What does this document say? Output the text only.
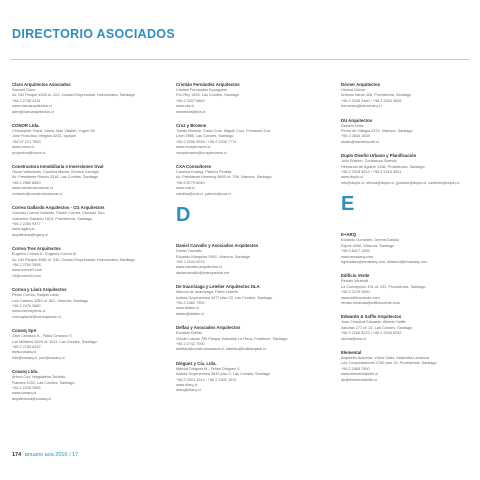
DIRECTORIO ASOCIADOS
Claro Arquitectos Asociados
Samuel Claro
Av. Del Parque 4928 of. 221, Ciudad Empresarial, Huechuraba, Santiago
+56 2 2738 4116
www.claroarquitectos.cl
adm@claroarquitectos.cl
CONOR Ltda.
Christopher Frank, María José Villalón, Yogne Sir
José Francisco Vergara 3232, Iquique
+56 57 221 7553
www.conor.cl
proyectos@conor.cl
Constructora Inmobiliaria e Inversiones Oval
Óscar Valladares, Carolina Macier, Mónica Carvajal
Av. Presidente Riesco 3318, Las Condes, Santiago
+56 2 2580 8660
www.constructoraoval.cl
contacto@constructoraoval.cl
Correa Gallardo Arquitectos - CG Arquitectos
Gonzalo Correa Gallardo, Pastor Correa, Gonzalo Toro
Galvarino Gallardo 1614, Providencia, Santiago
+56 2 2264 9377
www.cgarq.cl
arquitectos@cgarq.cl
Correa Tres Arquitectos
Eugenio Correa A., Eugenio Correa M.
Av. Del Parque 4980 of. 330, Ciudad Empresarial, Huechuraba, Santiago
+56 2 2760 2558
www.correa3.com
c3@correa3.com
Correa y Lániz Arquitectos
Pedro Correa, Raquel Lániz
Luis Carrera 1263 of. 301, Vitacura, Santiago
+56 2 2476 3880
www.correayleniz.cl
correaylaniz@correayleniz.cl
Cosarq SpA
José Cevasco K., Pablo Cevasco S.
Los Militares 5620 of. 1011, Las Condes, Santiago
+56 2 2763 6222
www.cosarq.cl
info@cosarq.cl, pce@cosarq.cl
Cosarq Ltda.
Arturo Cox, Magdalena Zañartu
Flandes 1001, Las Condes, Santiago
+56 2 2208 3565
www.cosarq.cl
arquitectura@cosarq.cl
Cristián Fernández Arquitectos
Cristián Fernández Eyzaguirre
Fco Rey 1426, Las Condes, Santiago
+56 2 2207 6862
www.cfa.cl
secretaria@cfa.cl
Cruz y Browne
Tomás Browne, Fabio Cruz, Miguel Cruz, Fernando Cox
León 3985, Las Condes, Santiago
+56 2 2206 3926 / +56 2 2206 7774
www.cruzybrowne.cl
cruzybrowne@cruzybrowne.cl
CXA Consultores
Carolina Krampj, Patricio Peralta
Av. Presidente Kennedy 5600 of. 708, Vitacura, Santiago
+56 9 8775 8040
www.cxa.cl
carolina@cxa.cl, patricio@cxa.cl
D
Daniel Carvallo y Asociados Arquitectos
Daniel Carvallo
Eduardo Marquina 3992, Vitacura, Santiago
+56 2 2244 0074
www.carvallo-arquitectos.cl
danielcarvallo@manquehue.net
De Iruarrizaga y Letelier Arquitectos DLA
Marcos de Iruarrizaga, Pablo Letelier
Isidora Goyenechea 3477 piso 23, Las Condes, Santiago
+56 2 2482 7300
www.dlatec.cl
dlatec@dlatec.cl
Delfau y Asociados Arquitectos
Eduardo Delfau
Volcán Lascar 790 Parque Industrial La Reca, Pudahuel, Santiago
+56 2 2742 7000
edelfau@constructoralacd.cl, edelfau@buildarqasb.cl
Diéguez y Cía. Ltda.
Marcial Diéguez M., Felipe Diéguez V.
Isidora Goyenechea 3642 piso 2, Las Condes, Santiago
+56 2 2901 1014 / +56 2 2901 1015
www.diarq.cl
diarq@diarq.cl
Dórner Arquitectos
Helmut Dörner
Antonio Varas 328, Providencia, Santiago
+56 2 2235 2460 / +56 2 2264 3608
dornerarq@dornerarq.cl
DU Arquitectos
Danielo Urrte
Pedro de Villagra 2374, Vitacura, Santiago
+56 2 2840 1608
studio@danielourrte.cl
Duplo Diseño Urbano y Planificación
Julio Pöstion, Constanza Soteldo
Hernando de Aguirre 1336, Providencia, Santiago
+56 2 2918 4612 / +56 2 2918 4531
www.duplo.cl
info@duplo.cl, oficina@duplo.cl, jpostion@duplo.cl, csoteldo@duplo.cl
E
E+ARQ
Eduardo González, Dennis Dasoul
Espoz 4066, Vitacura, Santiago
+56 9 8417 1306
www.emasarq.com
egonzalez@emasarq.com, ddasoul@emasarq.com
Edificio Verde
Renato Miranda
La Concepción 191 of. 202, Providencia, Santiago
+56 2 2276 2690
www.edificioverde.com
renato.miranda@edificioverde.com
Edwardo & Saffie Arquitectos
Juan Cristóbal Edwards, Alberto Saffie
Asturias 271 of. 22, Las Condes, Santiago
+56 2 2206 5222 / +56 2 2206 5232
oficina@esa.cl
Elemental
Alejandro Aravena, Víctor Oddó, Alejandra Larrarece
Los Conquistadores 1700 piso 25, Providencia, Santiago
+56 2 2983 7500
www.elementalchile.cl
ah@elementalchile.cl
174 anuario aoa 2016 / 17
